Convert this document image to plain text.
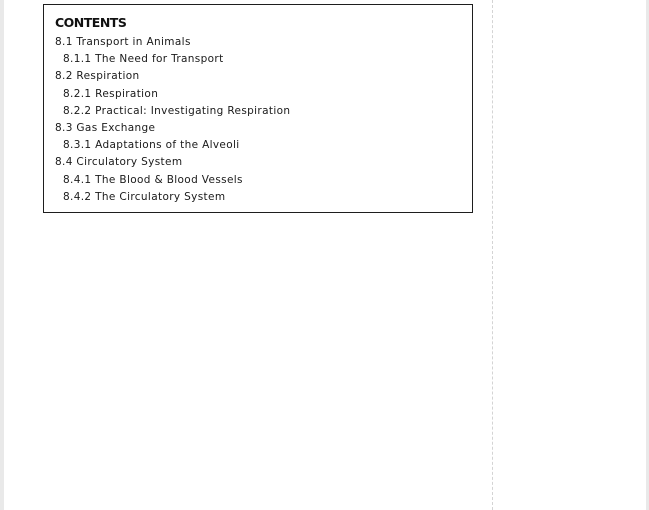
CONTENTS
8.1 Transport in Animals
8.1.1 The Need for Transport
8.2 Respiration
8.2.1 Respiration
8.2.2 Practical: Investigating Respiration
8.3 Gas Exchange
8.3.1 Adaptations of the Alveoli
8.4 Circulatory System
8.4.1 The Blood & Blood Vessels
8.4.2 The Circulatory System
